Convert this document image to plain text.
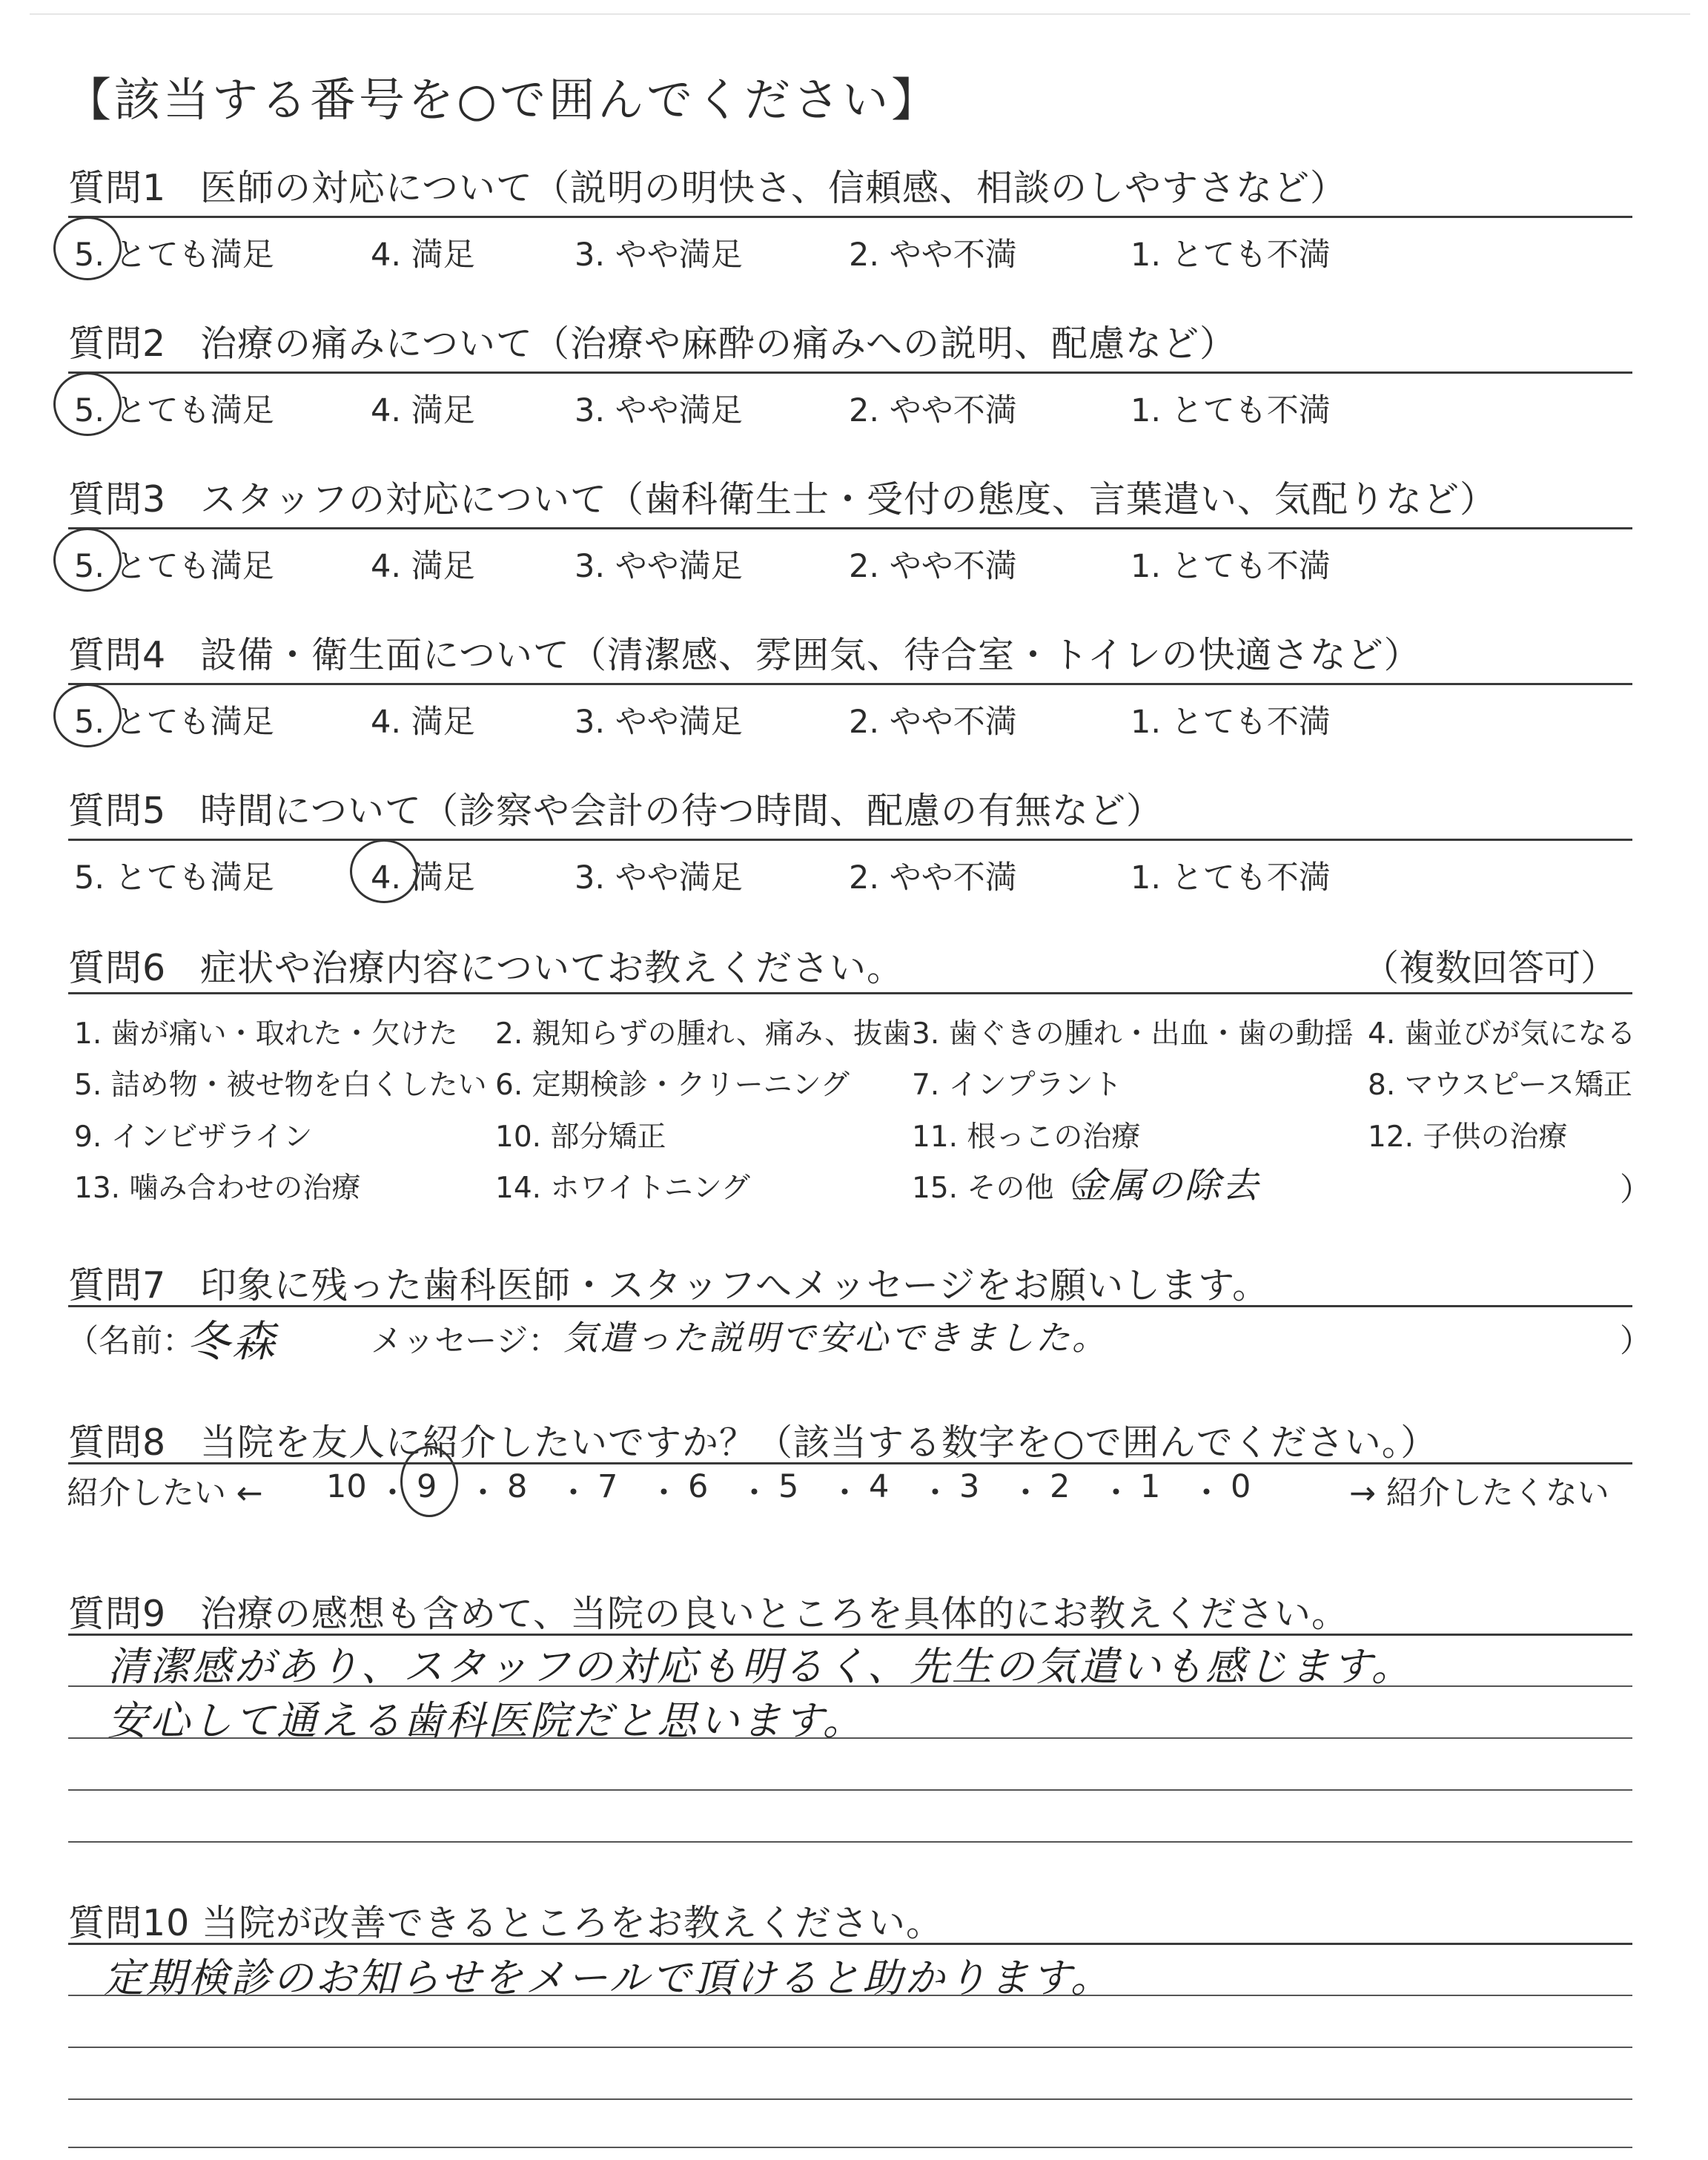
【該当する番号を○で囲んでください】
質問1 医師の対応について（説明の明快さ、信頼感、相談のしやすさなど）
5. とても満足	4. 満足	3. やや満足	2. やや不満	1. とても不満
質問2 治療の痛みについて（治療や麻酔の痛みへの説明、配慮など）
5. とても満足	4. 満足	3. やや満足	2. やや不満	1. とても不満
質問3 スタッフの対応について（歯科衛生士・受付の態度、言葉遣い、気配りなど）
5. とても満足	4. 満足	3. やや満足	2. やや不満	1. とても不満
質問4 設備・衛生面について（清潔感、雰囲気、待合室・トイレの快適さなど）
5. とても満足	4. 満足	3. やや満足	2. やや不満	1. とても不満
質問5 時間について（診察や会計の待つ時間、配慮の有無など）
5. とても満足	4. 満足	3. やや満足	2. やや不満	1. とても不満
質問6 症状や治療内容についてお教えください。	（複数回答可）
1. 歯が痛い・取れた・欠けた 2. 親知らずの腫れ、痛み、抜歯 3. 歯ぐきの腫れ・出血・歯の動揺 4. 歯並びが気になる
5. 詰め物・被せ物を白くしたい 6. 定期検診・クリーニング 7. インプラント	8. マウスピース矯正
9. インビザライン	10. 部分矯正	11. 根っこの治療	12. 子供の治療
13. 噛み合わせの治療	14. ホワイトニング	15. その他（
金属の除去	）
質問7 印象に残った歯科医師・スタッフへメッセージをお願いします。
（名前：
冬森	メッセージ： 気遣った説明で安心できました。	）
質問8 当院を友人に紹介したいですか？（該当する数字を○で囲んでください。）
紹介したい ← 10 ・ 9 ・ 8 ・ 7 ・ 6 ・ 5 ・ 4 ・ 3 ・ 2 ・ 1 ・ 0	→ 紹介したくない
質問9 治療の感想も含めて、当院の良いところを具体的にお教えください。
清潔感があり、スタッフの対応も明るく、先生の気遣いも感じます。
安心して通える歯科医院だと思います。
質問10 当院が改善できるところをお教えください。
定期検診のお知らせをメールで頂けると助かります。
